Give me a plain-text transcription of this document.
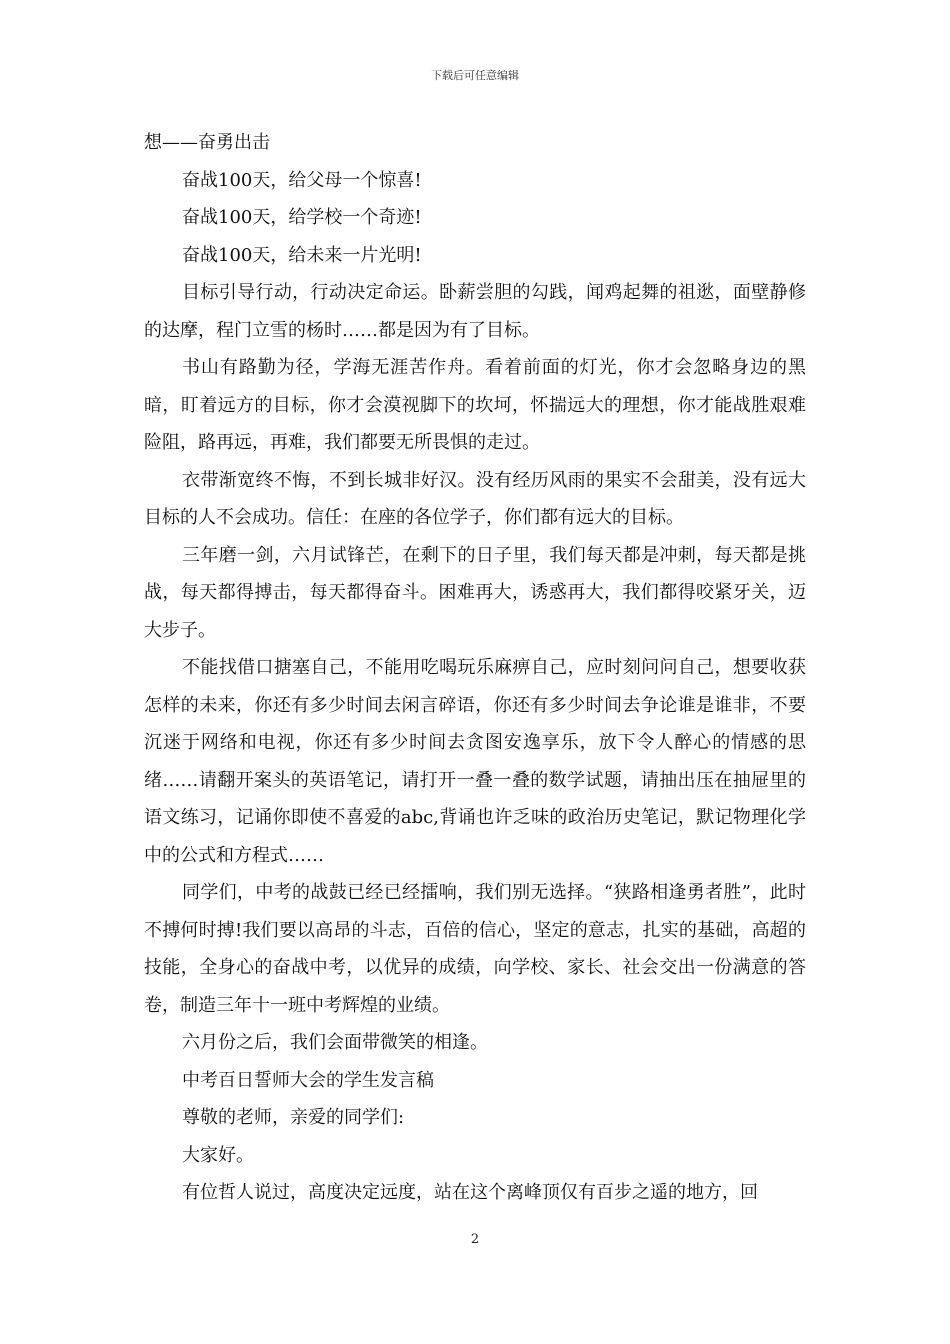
下载后可任意编辑

想——奋勇出击

奋战100天，给父母一个惊喜!

奋战100天，给学校一个奇迹!

奋战100天，给未来一片光明!

目标引导行动，行动决定命运。卧薪尝胆的勾践，闻鸡起舞的祖逖，面壁静修的达摩，程门立雪的杨时……都是因为有了目标。

书山有路勤为径，学海无涯苦作舟。看着前面的灯光，你才会忽略身边的黑暗，盯着远方的目标，你才会漠视脚下的坎坷，怀揣远大的理想，你才能战胜艰难险阻，路再远，再难，我们都要无所畏惧的走过。

衣带渐宽终不悔，不到长城非好汉。没有经历风雨的果实不会甜美，没有远大目标的人不会成功。信任：在座的各位学子，你们都有远大的目标。

三年磨一剑，六月试锋芒，在剩下的日子里，我们每天都是冲刺，每天都是挑战，每天都得搏击，每天都得奋斗。困难再大，诱惑再大，我们都得咬紧牙关，迈大步子。

不能找借口搪塞自己，不能用吃喝玩乐麻痹自己，应时刻问问自己，想要收获怎样的未来，你还有多少时间去闲言碎语，你还有多少时间去争论谁是谁非，不要沉迷于网络和电视，你还有多少时间去贪图安逸享乐，放下令人醉心的情感的思绪……请翻开案头的英语笔记，请打开一叠一叠的数学试题，请抽出压在抽屉里的语文练习，记诵你即使不喜爱的abc,背诵也许乏味的政治历史笔记，默记物理化学中的公式和方程式……

同学们，中考的战鼓已经已经擂响，我们别无选择。“狭路相逢勇者胜”，此时不搏何时搏!我们要以高昂的斗志，百倍的信心，坚定的意志，扎实的基础，高超的技能，全身心的奋战中考，以优异的成绩，向学校、家长、社会交出一份满意的答卷，制造三年十一班中考辉煌的业绩。

六月份之后，我们会面带微笑的相逢。

中考百日誓师大会的学生发言稿

尊敬的老师，亲爱的同学们:

大家好。

有位哲人说过，高度决定远度，站在这个离峰顶仅有百步之遥的地方，回

2
